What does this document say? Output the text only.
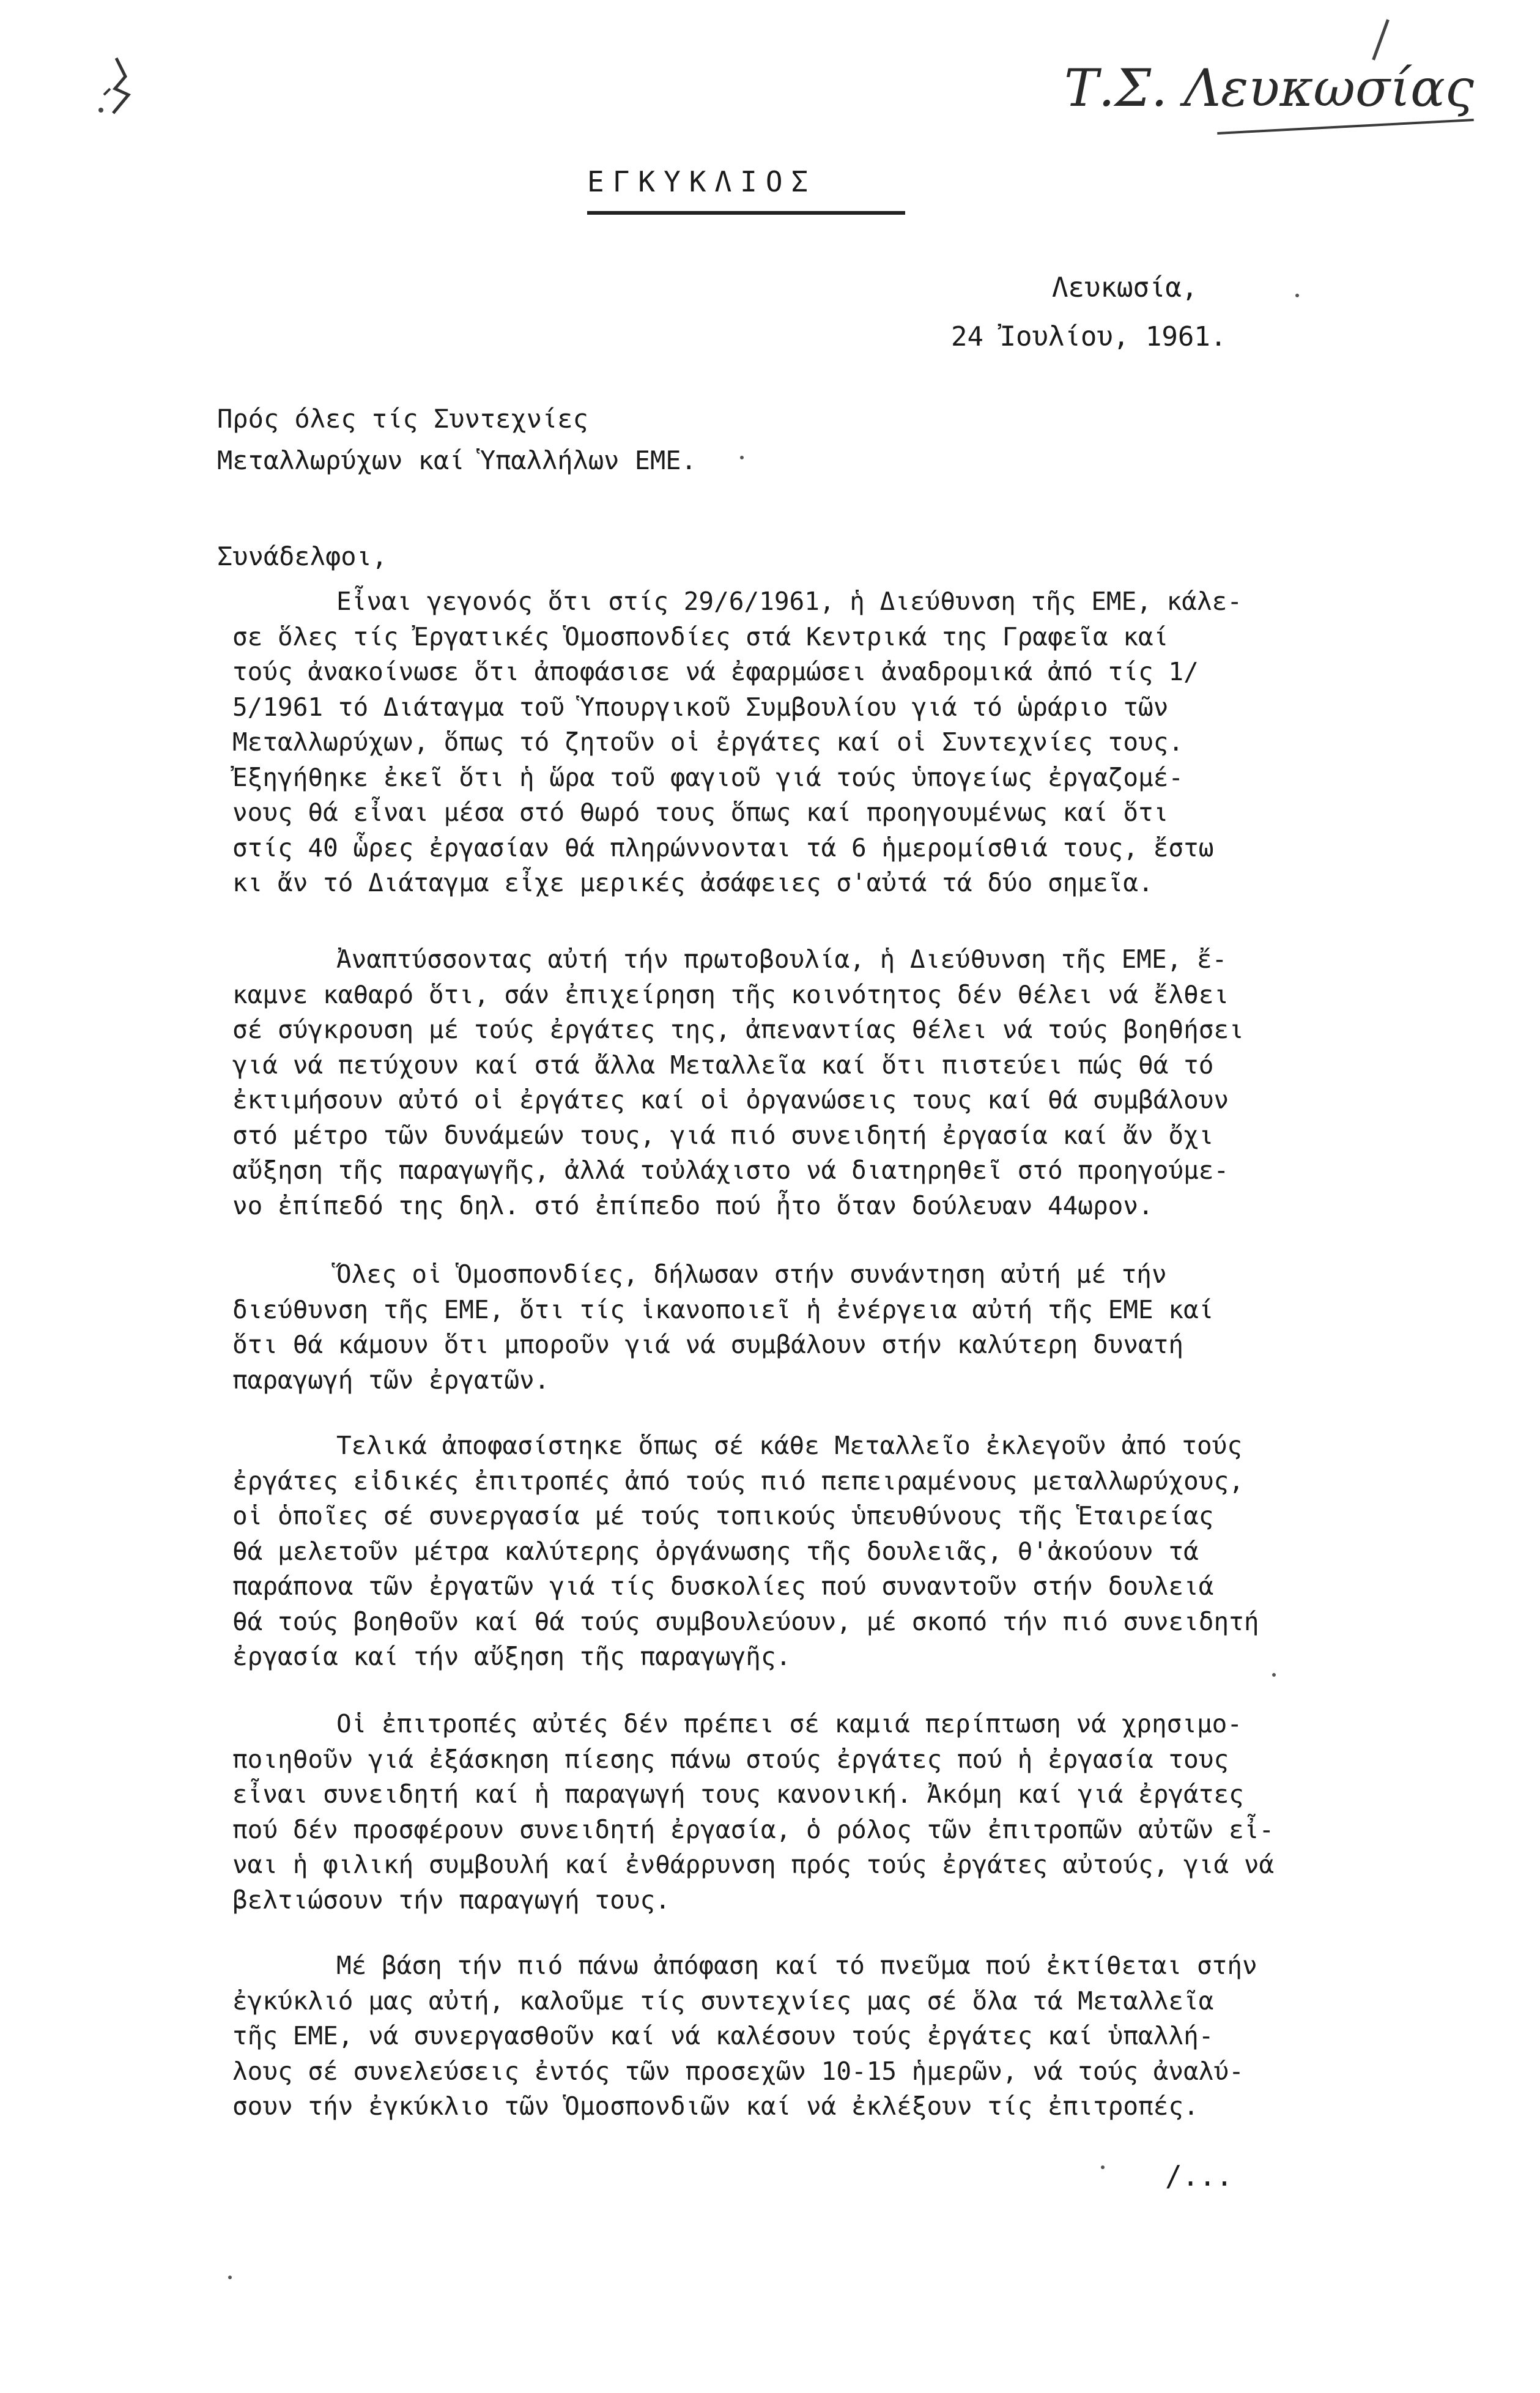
Τ.Σ. Λευκωσίας
ΕΓΚΥΚΛΙΟΣ
Λευκωσία,
24 Ἰουλίου, 1961.
Πρός όλες τίς Συντεχνίες
Μεταλλωρύχων καί Ὑπαλλήλων ΕΜΕ.
Συνάδελφοι,
Εἶναι γεγονός ὅτι στίς 29/6/1961, ἡ Διεύθυνση τῆς ΕΜΕ, κάλε-
σε ὅλες τίς Ἐργατικές Ὁμοσπονδίες στά Κεντρικά της Γραφεῖα καί
τούς ἀνακοίνωσε ὅτι ἀποφάσισε νά ἐφαρμώσει ἀναδρομικά ἀπό τίς 1/
5/1961 τό Διάταγμα τοῦ Ὑπουργικοῦ Συμβουλίου γιά τό ὡράριο τῶν
Μεταλλωρύχων, ὅπως τό ζητοῦν οἱ ἐργάτες καί οἱ Συντεχνίες τους.
Ἐξηγήθηκε ἐκεῖ ὅτι ἡ ὥρα τοῦ φαγιοῦ γιά τούς ὑπογείως ἐργαζομέ-
νους θά εἶναι μέσα στό θωρό τους ὅπως καί προηγουμένως καί ὅτι
στίς 40 ὧρες ἐργασίαν θά πληρώννονται τά 6 ἡμερομίσθιά τους, ἔστω
κι ἄν τό Διάταγμα εἶχε μερικές ἀσάφειες σ'αὐτά τά δύο σημεῖα.
Ἀναπτύσσοντας αὐτή τήν πρωτοβουλία, ἡ Διεύθυνση τῆς ΕΜΕ, ἔ-
καμνε καθαρό ὅτι, σάν ἐπιχείρηση τῆς κοινότητος δέν θέλει νά ἔλθει
σέ σύγκρουση μέ τούς ἐργάτες της, ἀπεναντίας θέλει νά τούς βοηθήσει
γιά νά πετύχουν καί στά ἄλλα Μεταλλεῖα καί ὅτι πιστεύει πώς θά τό
ἐκτιμήσουν αὐτό οἱ ἐργάτες καί οἱ ὀργανώσεις τους καί θά συμβάλουν
στό μέτρο τῶν δυνάμεών τους, γιά πιό συνειδητή ἐργασία καί ἄν ὄχι
αὔξηση τῆς παραγωγῆς, ἀλλά τοὐλάχιστο νά διατηρηθεῖ στό προηγούμε-
νο ἐπίπεδό της δηλ. στό ἐπίπεδο πού ἦτο ὅταν δούλευαν 44ωρον.
Ὅλες οἱ Ὁμοσπονδίες, δήλωσαν στήν συνάντηση αὐτή μέ τήν
διεύθυνση τῆς ΕΜΕ, ὅτι τίς ἱκανοποιεῖ ἡ ἐνέργεια αὐτή τῆς ΕΜΕ καί
ὅτι θά κάμουν ὅτι μποροῦν γιά νά συμβάλουν στήν καλύτερη δυνατή
παραγωγή τῶν ἐργατῶν.
Τελικά ἀποφασίστηκε ὅπως σέ κάθε Μεταλλεῖο ἐκλεγοῦν ἀπό τούς
ἐργάτες εἰδικές ἐπιτροπές ἀπό τούς πιό πεπειραμένους μεταλλωρύχους,
οἱ ὁποῖες σέ συνεργασία μέ τούς τοπικούς ὑπευθύνους τῆς Ἑταιρείας
θά μελετοῦν μέτρα καλύτερης ὀργάνωσης τῆς δουλειᾶς, θ'ἀκούουν τά
παράπονα τῶν ἐργατῶν γιά τίς δυσκολίες πού συναντοῦν στήν δουλειά
θά τούς βοηθοῦν καί θά τούς συμβουλεύουν, μέ σκοπό τήν πιό συνειδητή
ἐργασία καί τήν αὔξηση τῆς παραγωγῆς.
Οἱ ἐπιτροπές αὐτές δέν πρέπει σέ καμιά περίπτωση νά χρησιμο-
ποιηθοῦν γιά ἐξάσκηση πίεσης πάνω στούς ἐργάτες πού ἡ ἐργασία τους
εἶναι συνειδητή καί ἡ παραγωγή τους κανονική. Ἀκόμη καί γιά ἐργάτες
πού δέν προσφέρουν συνειδητή ἐργασία, ὁ ρόλος τῶν ἐπιτροπῶν αὐτῶν εἶ-
ναι ἡ φιλική συμβουλή καί ἐνθάρρυνση πρός τούς ἐργάτες αὐτούς, γιά νά
βελτιώσουν τήν παραγωγή τους.
Μέ βάση τήν πιό πάνω ἀπόφαση καί τό πνεῦμα πού ἐκτίθεται στήν
ἐγκύκλιό μας αὐτή, καλοῦμε τίς συντεχνίες μας σέ ὅλα τά Μεταλλεῖα
τῆς ΕΜΕ, νά συνεργασθοῦν καί νά καλέσουν τούς ἐργάτες καί ὑπαλλή-
λους σέ συνελεύσεις ἐντός τῶν προσεχῶν 10-15 ἡμερῶν, νά τούς ἀναλύ-
σουν τήν ἐγκύκλιο τῶν Ὁμοσπονδιῶν καί νά ἐκλέξουν τίς ἐπιτροπές.
/...
